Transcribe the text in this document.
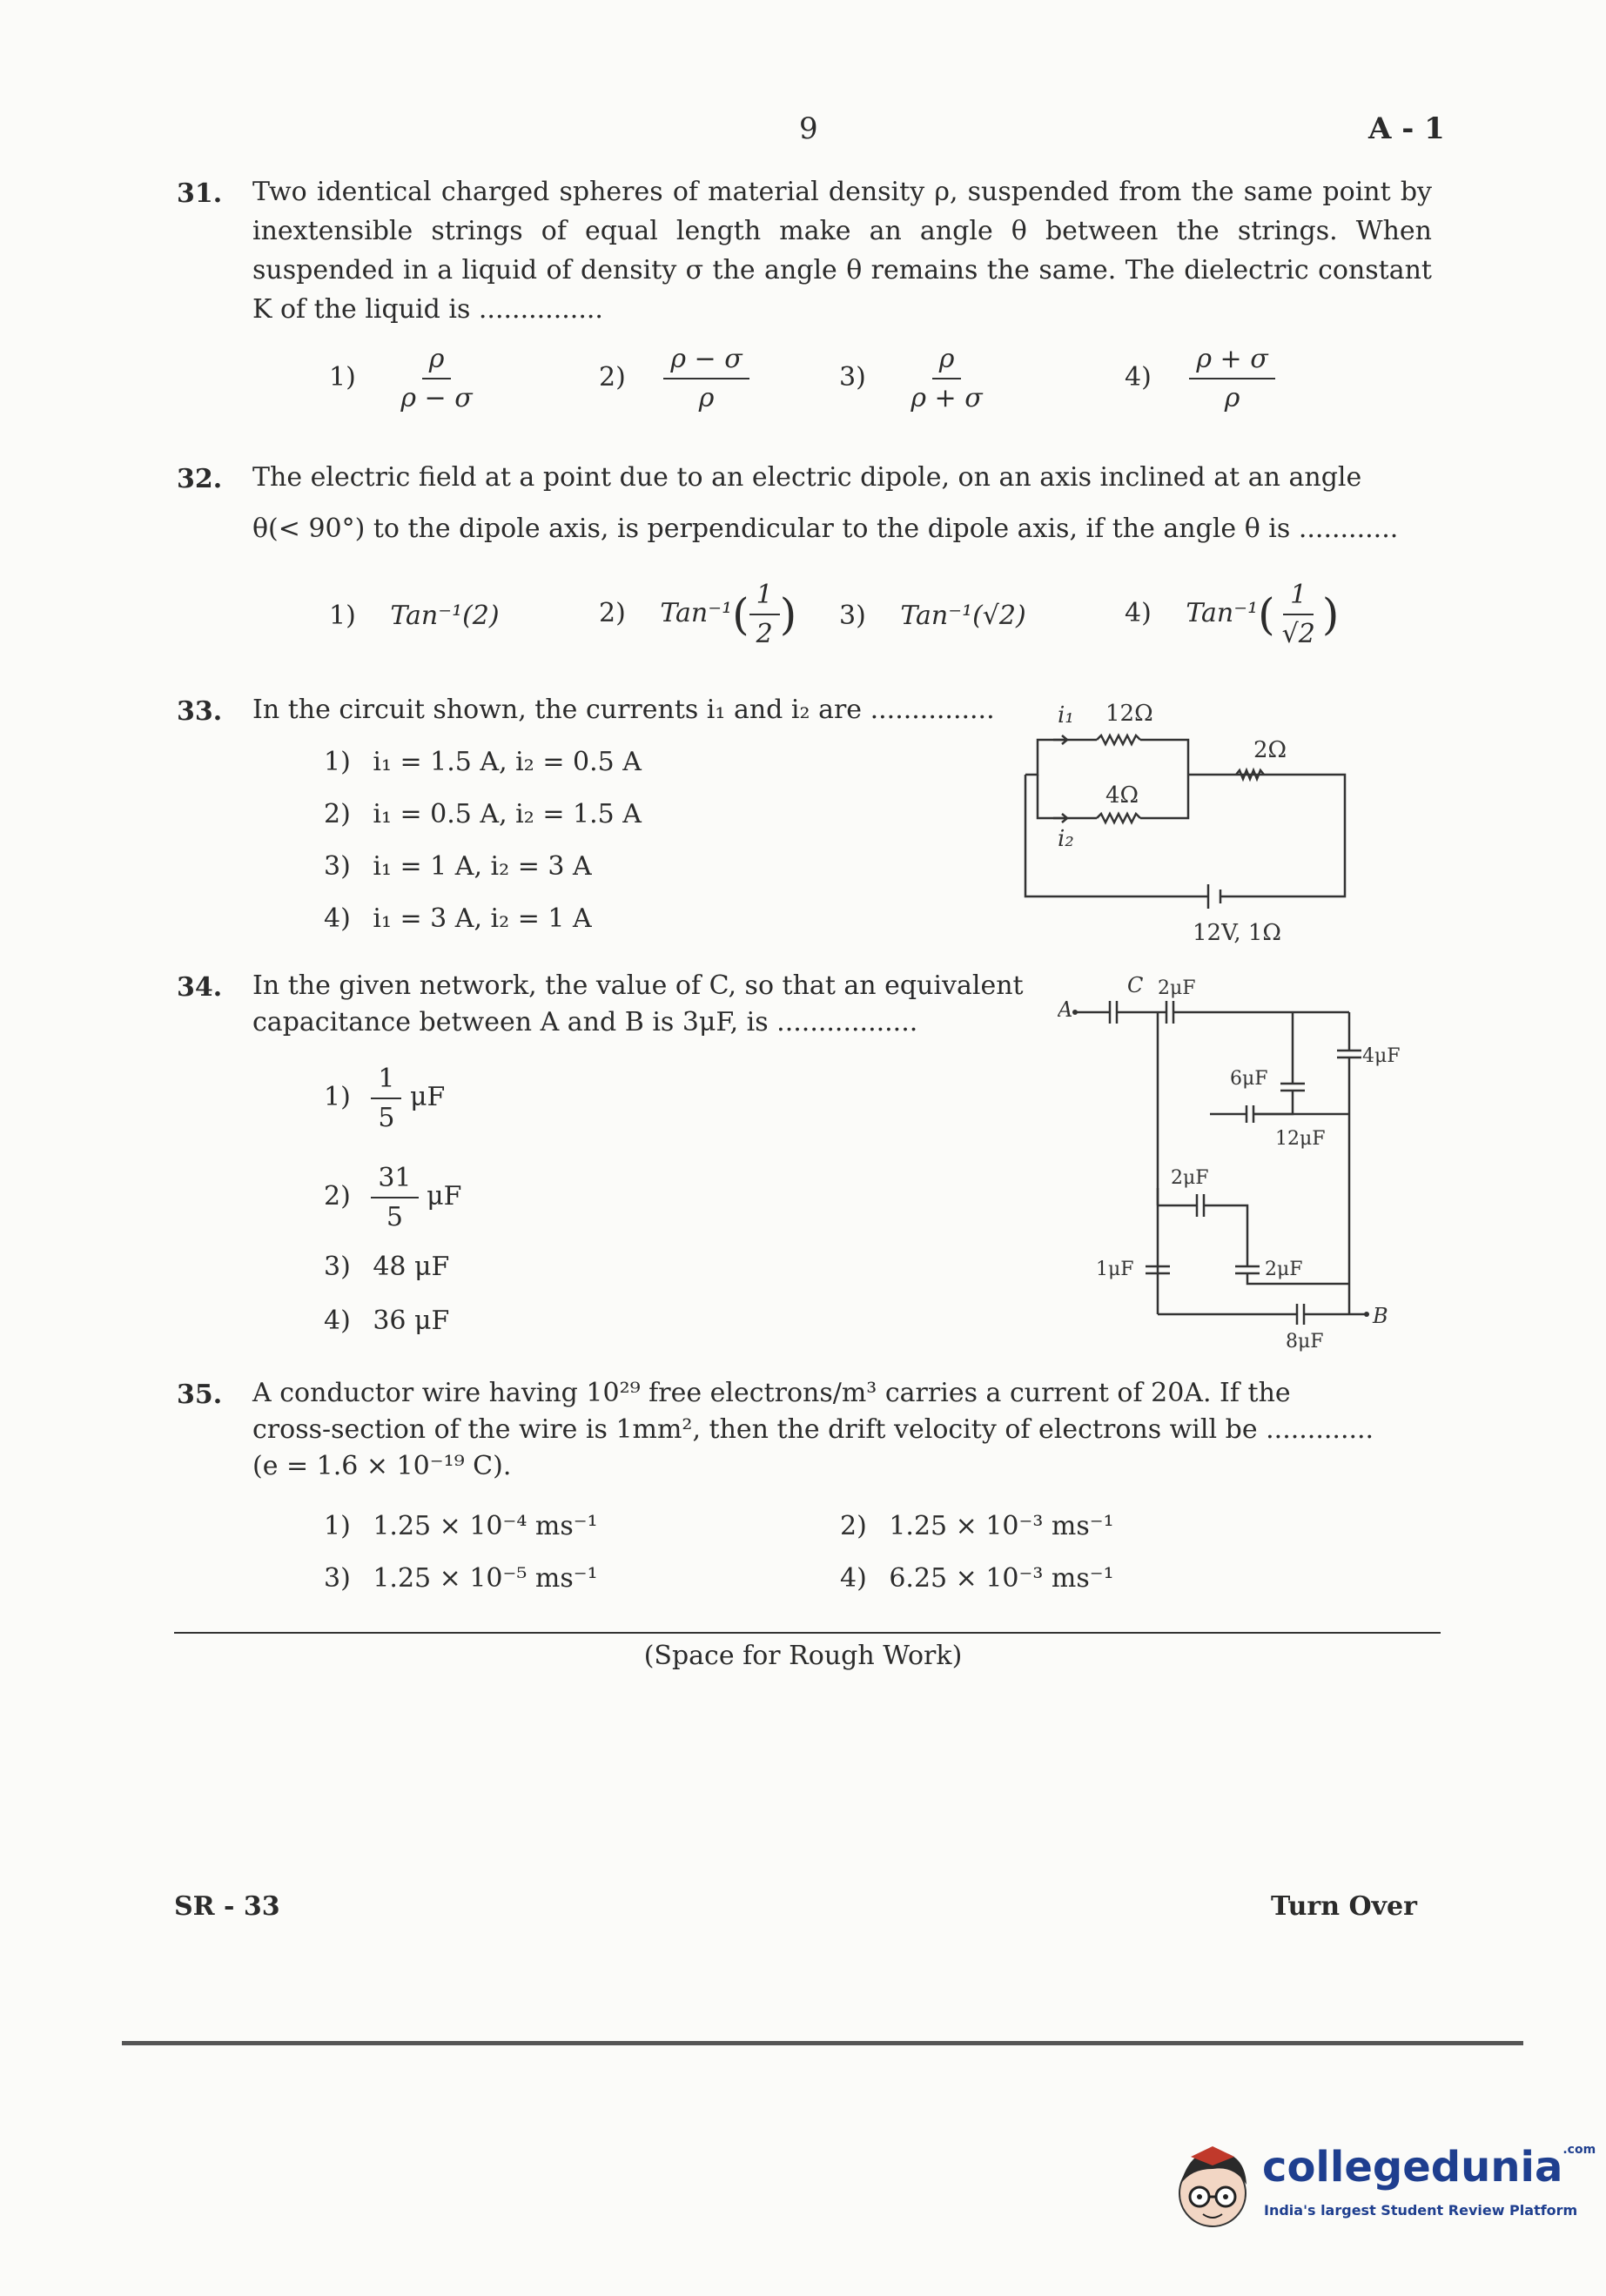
9	A - 1
31. Two identical charged spheres of material density ρ, suspended from the same point by inextensible strings of equal length make an angle θ between the strings. When suspended in a liquid of density σ the angle θ remains the same. The dielectric constant K of the liquid is ...............
$1) \frac{\rho}{\rho - \sigma}$	$2) \frac{\rho - \sigma}{\rho}$	$3) \frac{\rho}{\rho + \sigma}$	$4) \frac{\rho + \sigma}{\rho}$
32. The electric field at a point due to an electric dipole, on an axis inclined at an angle
θ(< 90°) to the dipole axis, is perpendicular to the dipole axis, if the angle θ is ............
1) Tan⁻¹(2)	2) $Tan^{-1}( \frac{1}{2}$ ) 3) Tan⁻¹(√2)	4) $Tan^{-1}( \frac{1}{√2}$ )
33. In the circuit shown, the currents i₁ and i₂ are ...............
1) i₁ = 1.5 A, i₂ = 0.5 A
2) i₁ = 0.5 A, i₂ = 1.5 A
3) i₁ = 1 A, i₂ = 3 A
4) i₁ = 3 A, i₂ = 1 A
i₁ 12Ω
2Ω
4Ω
i₂
12V, 1Ω
34. In the given network, the value of C, so that an equivalent
capacitance between A and B is 3μF, is .................
$1) \frac{1}{5}$ μF
$2) \frac{31}{5}$ μF
3) 48 μF
4) 36 μF
C
A
B
2μF
4μF
6μF
12μF
2μF
1μF	2μF
8μF
35. A conductor wire having 10²⁹ free electrons/m³ carries a current of 20A. If the
cross-section of the wire is 1mm², then the drift velocity of electrons will be .............
(e = 1.6 × 10⁻¹⁹ C).
1) 1.25 × 10⁻⁴ ms⁻¹	2) 1.25 × 10⁻³ ms⁻¹
3) 1.25 × 10⁻⁵ ms⁻¹	4) 6.25 × 10⁻³ ms⁻¹
(Space for Rough Work)
SR - 33	Turn Over
collegedunia$^{.com}$
India's largest Student Review Platform
